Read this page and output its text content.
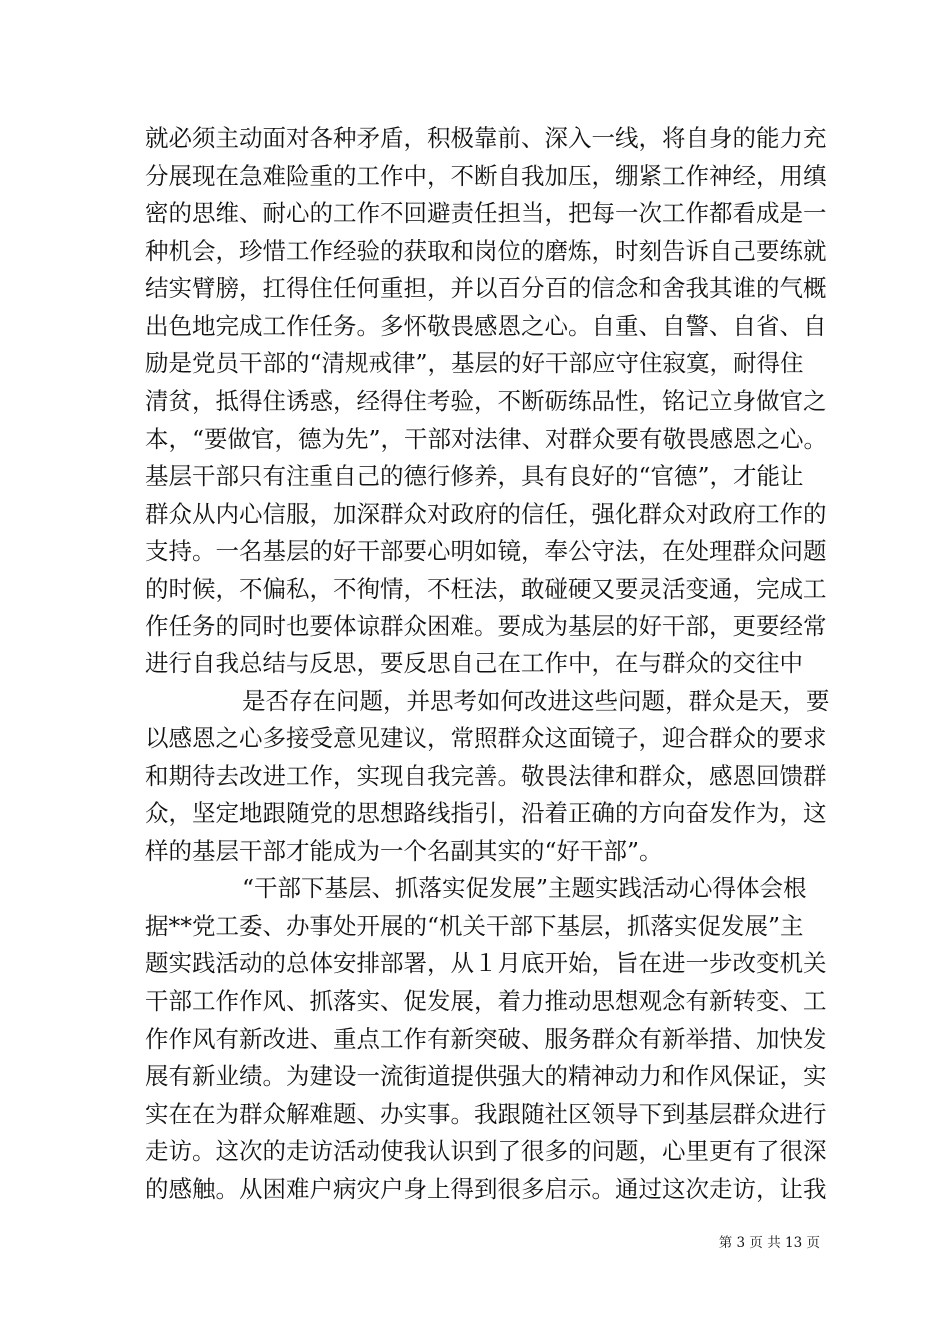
就必须主动面对各种矛盾，积极靠前、深入一线，将自身的能力充
分展现在急难险重的工作中，不断自我加压，绷紧工作神经，用缜
密的思维、耐心的工作不回避责任担当，把每一次工作都看成是一
种机会，珍惜工作经验的获取和岗位的磨炼，时刻告诉自己要练就
结实臂膀，扛得住任何重担，并以百分百的信念和舍我其谁的气概
出色地完成工作任务。多怀敬畏感恩之心。自重、自警、自省、自
励是党员干部的“清规戒律”，基层的好干部应守住寂寞，耐得住
清贫，抵得住诱惑，经得住考验，不断砺练品性，铭记立身做官之
本，“要做官，德为先”，干部对法律、对群众要有敬畏感恩之心。
基层干部只有注重自己的德行修养，具有良好的“官德”，才能让
群众从内心信服，加深群众对政府的信任，强化群众对政府工作的
支持。一名基层的好干部要心明如镜，奉公守法，在处理群众问题
的时候，不偏私，不徇情，不枉法，敢碰硬又要灵活变通，完成工
作任务的同时也要体谅群众困难。要成为基层的好干部，更要经常
进行自我总结与反思，要反思自己在工作中，在与群众的交往中
是否存在问题，并思考如何改进这些问题，群众是天，要
以感恩之心多接受意见建议，常照群众这面镜子，迎合群众的要求
和期待去改进工作，实现自我完善。敬畏法律和群众，感恩回馈群
众，坚定地跟随党的思想路线指引，沿着正确的方向奋发作为，这
样的基层干部才能成为一个名副其实的“好干部”。
“干部下基层、抓落实促发展”主题实践活动心得体会根
据**党工委、办事处开展的“机关干部下基层，抓落实促发展”主
题实践活动的总体安排部署，从１月底开始，旨在进一步改变机关
干部工作作风、抓落实、促发展，着力推动思想观念有新转变、工
作作风有新改进、重点工作有新突破、服务群众有新举措、加快发
展有新业绩。为建设一流街道提供强大的精神动力和作风保证，实
实在在为群众解难题、办实事。我跟随社区领导下到基层群众进行
走访。这次的走访活动使我认识到了很多的问题，心里更有了很深
的感触。从困难户病灾户身上得到很多启示。通过这次走访，让我
第 3 页 共 13 页
